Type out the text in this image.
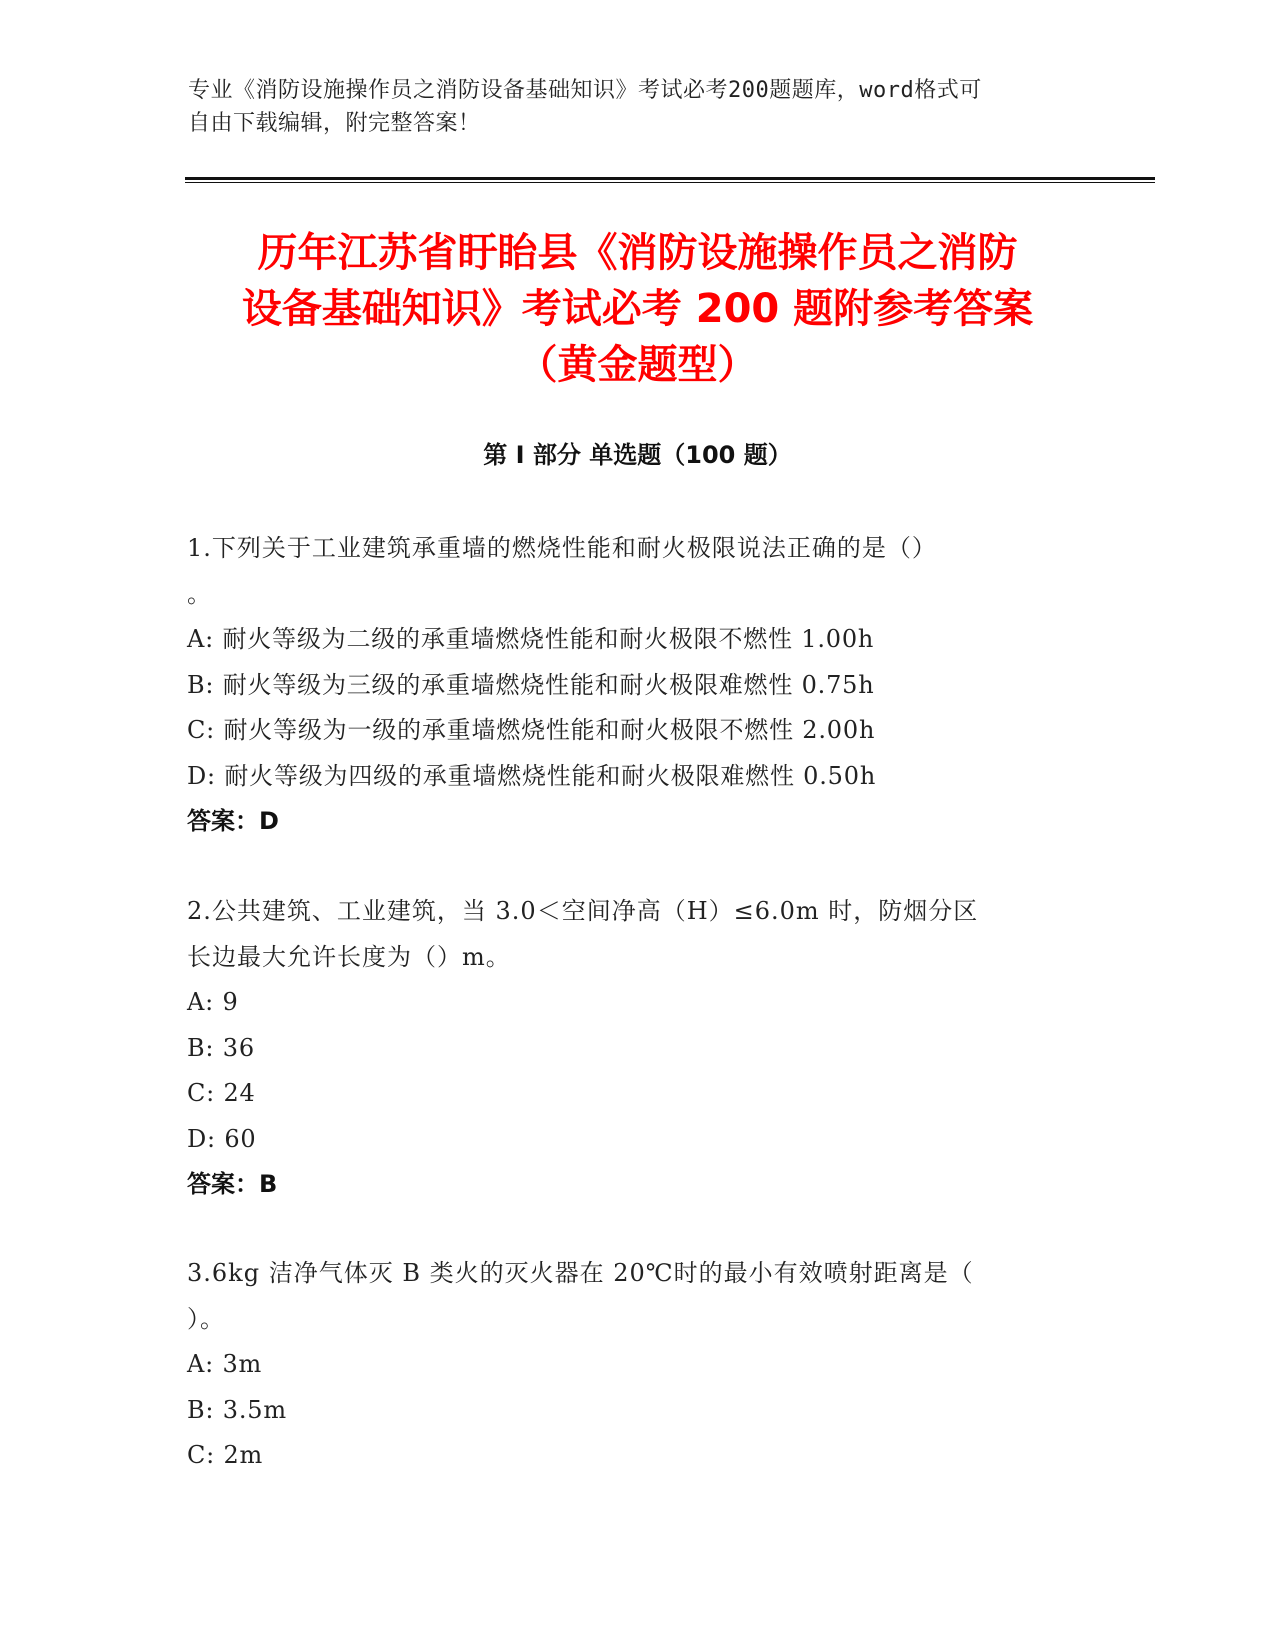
专业《消防设施操作员之消防设备基础知识》考试必考200题题库，word格式可
自由下载编辑，附完整答案！
历年江苏省盱眙县《消防设施操作员之消防
设备基础知识》考试必考 200 题附参考答案
（黄金题型）
第 I 部分 单选题（100 题）
1.下列关于工业建筑承重墙的燃烧性能和耐火极限说法正确的是（）
。
A: 耐火等级为二级的承重墙燃烧性能和耐火极限不燃性 1.00h
B: 耐火等级为三级的承重墙燃烧性能和耐火极限难燃性 0.75h
C: 耐火等级为一级的承重墙燃烧性能和耐火极限不燃性 2.00h
D: 耐火等级为四级的承重墙燃烧性能和耐火极限难燃性 0.50h
答案：D
2.公共建筑、工业建筑，当 3.0＜空间净高（H）≤6.0m 时，防烟分区
长边最大允许长度为（）m。
A: 9
B: 36
C: 24
D: 60
答案：B
3.6kg 洁净气体灭 B 类火的灭火器在 20℃时的最小有效喷射距离是（
）。
A: 3m
B: 3.5m
C: 2m
